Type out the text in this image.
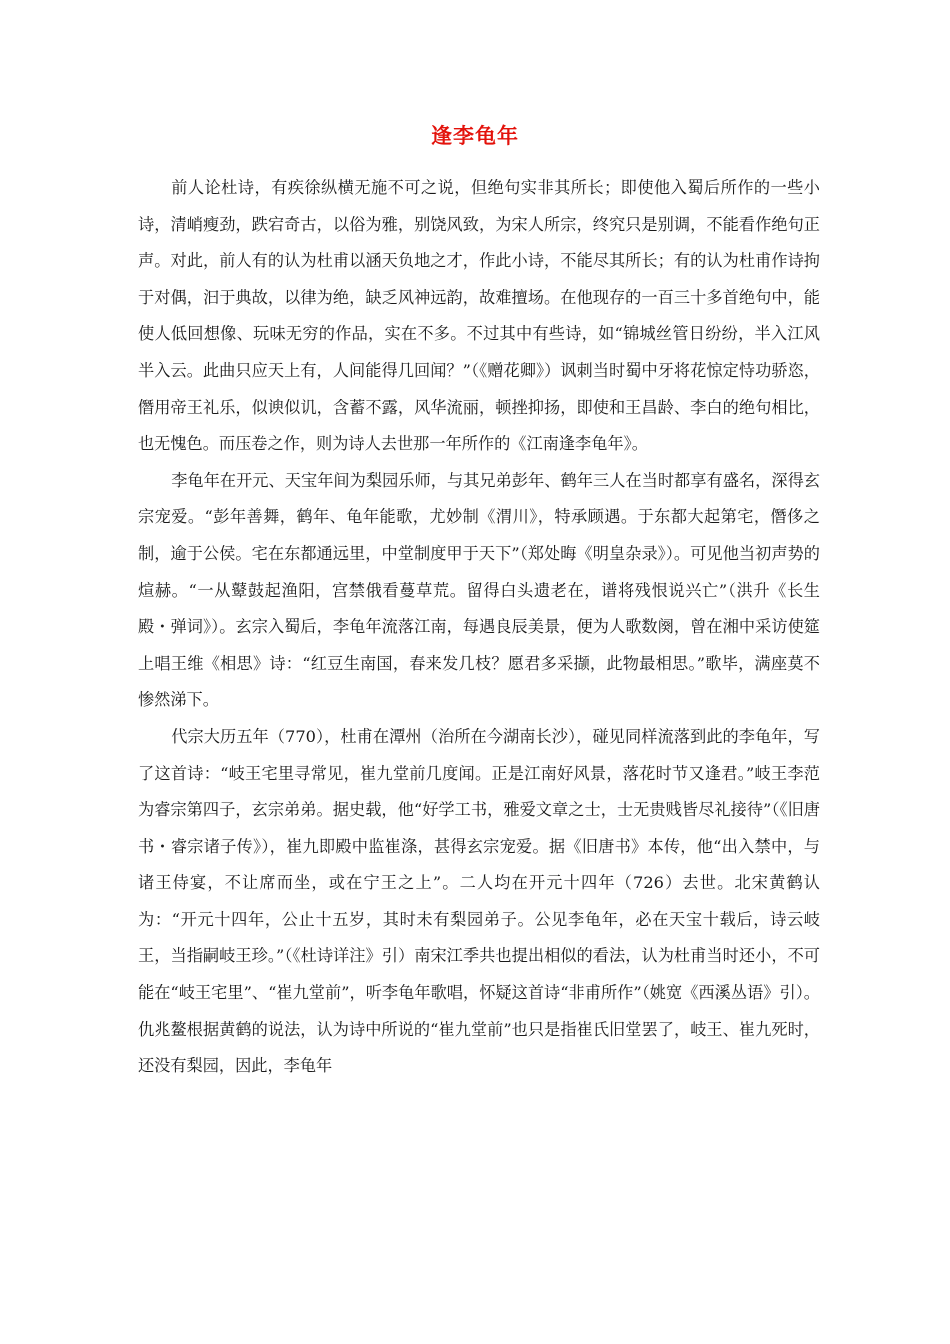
逢李龟年

前人论杜诗，有疾徐纵横无施不可之说，但绝句实非其所长；即使他入蜀后所作的一些小诗，清峭瘦劲，跌宕奇古，以俗为雅，别饶风致，为宋人所宗，终究只是别调，不能看作绝句正声。对此，前人有的认为杜甫以涵天负地之才，作此小诗，不能尽其所长；有的认为杜甫作诗拘于对偶，汩于典故，以律为绝，缺乏风神远韵，故难擅场。在他现存的一百三十多首绝句中，能使人低回想像、玩味无穷的作品，实在不多。不过其中有些诗，如“锦城丝管日纷纷，半入江风半入云。此曲只应天上有，人间能得几回闻？”（《赠花卿》）讽刺当时蜀中牙将花惊定恃功骄恣，僭用帝王礼乐，似谀似讥，含蓄不露，风华流丽，顿挫抑扬，即使和王昌龄、李白的绝句相比，也无愧色。而压卷之作，则为诗人去世那一年所作的《江南逢李龟年》。

李龟年在开元、天宝年间为梨园乐师，与其兄弟彭年、鹤年三人在当时都享有盛名，深得玄宗宠爱。“彭年善舞，鹤年、龟年能歌，尤妙制《渭川》，特承顾遇。于东都大起第宅，僭侈之制，逾于公侯。宅在东都通远里，中堂制度甲于天下”（郑处晦《明皇杂录》）。可见他当初声势的煊赫。“一从鼙鼓起渔阳，宫禁俄看蔓草荒。留得白头遗老在，谱将残恨说兴亡”（洪升《长生殿・弹词》）。玄宗入蜀后，李龟年流落江南，每遇良辰美景，便为人歌数阕，曾在湘中采访使筵上唱王维《相思》诗：“红豆生南国，春来发几枝？愿君多采撷，此物最相思。”歌毕，满座莫不惨然涕下。

代宗大历五年（770），杜甫在潭州（治所在今湖南长沙），碰见同样流落到此的李龟年，写了这首诗：“岐王宅里寻常见，崔九堂前几度闻。正是江南好风景，落花时节又逢君。”岐王李范为睿宗第四子，玄宗弟弟。据史载，他“好学工书，雅爱文章之士，士无贵贱皆尽礼接待”（《旧唐书・睿宗诸子传》），崔九即殿中监崔涤，甚得玄宗宠爱。据《旧唐书》本传，他“出入禁中，与诸王侍宴，不让席而坐，或在宁王之上”。二人均在开元十四年（726）去世。北宋黄鹤认为：“开元十四年，公止十五岁，其时未有梨园弟子。公见李龟年，必在天宝十载后，诗云岐王，当指嗣岐王珍。”（《杜诗详注》引）南宋江季共也提出相似的看法，认为杜甫当时还小，不可能在“岐王宅里”、“崔九堂前”，听李龟年歌唱，怀疑这首诗“非甫所作”（姚宽《西溪丛语》引）。仇兆鳌根据黄鹤的说法，认为诗中所说的“崔九堂前”也只是指崔氏旧堂罢了，岐王、崔九死时，还没有梨园，因此，李龟年
